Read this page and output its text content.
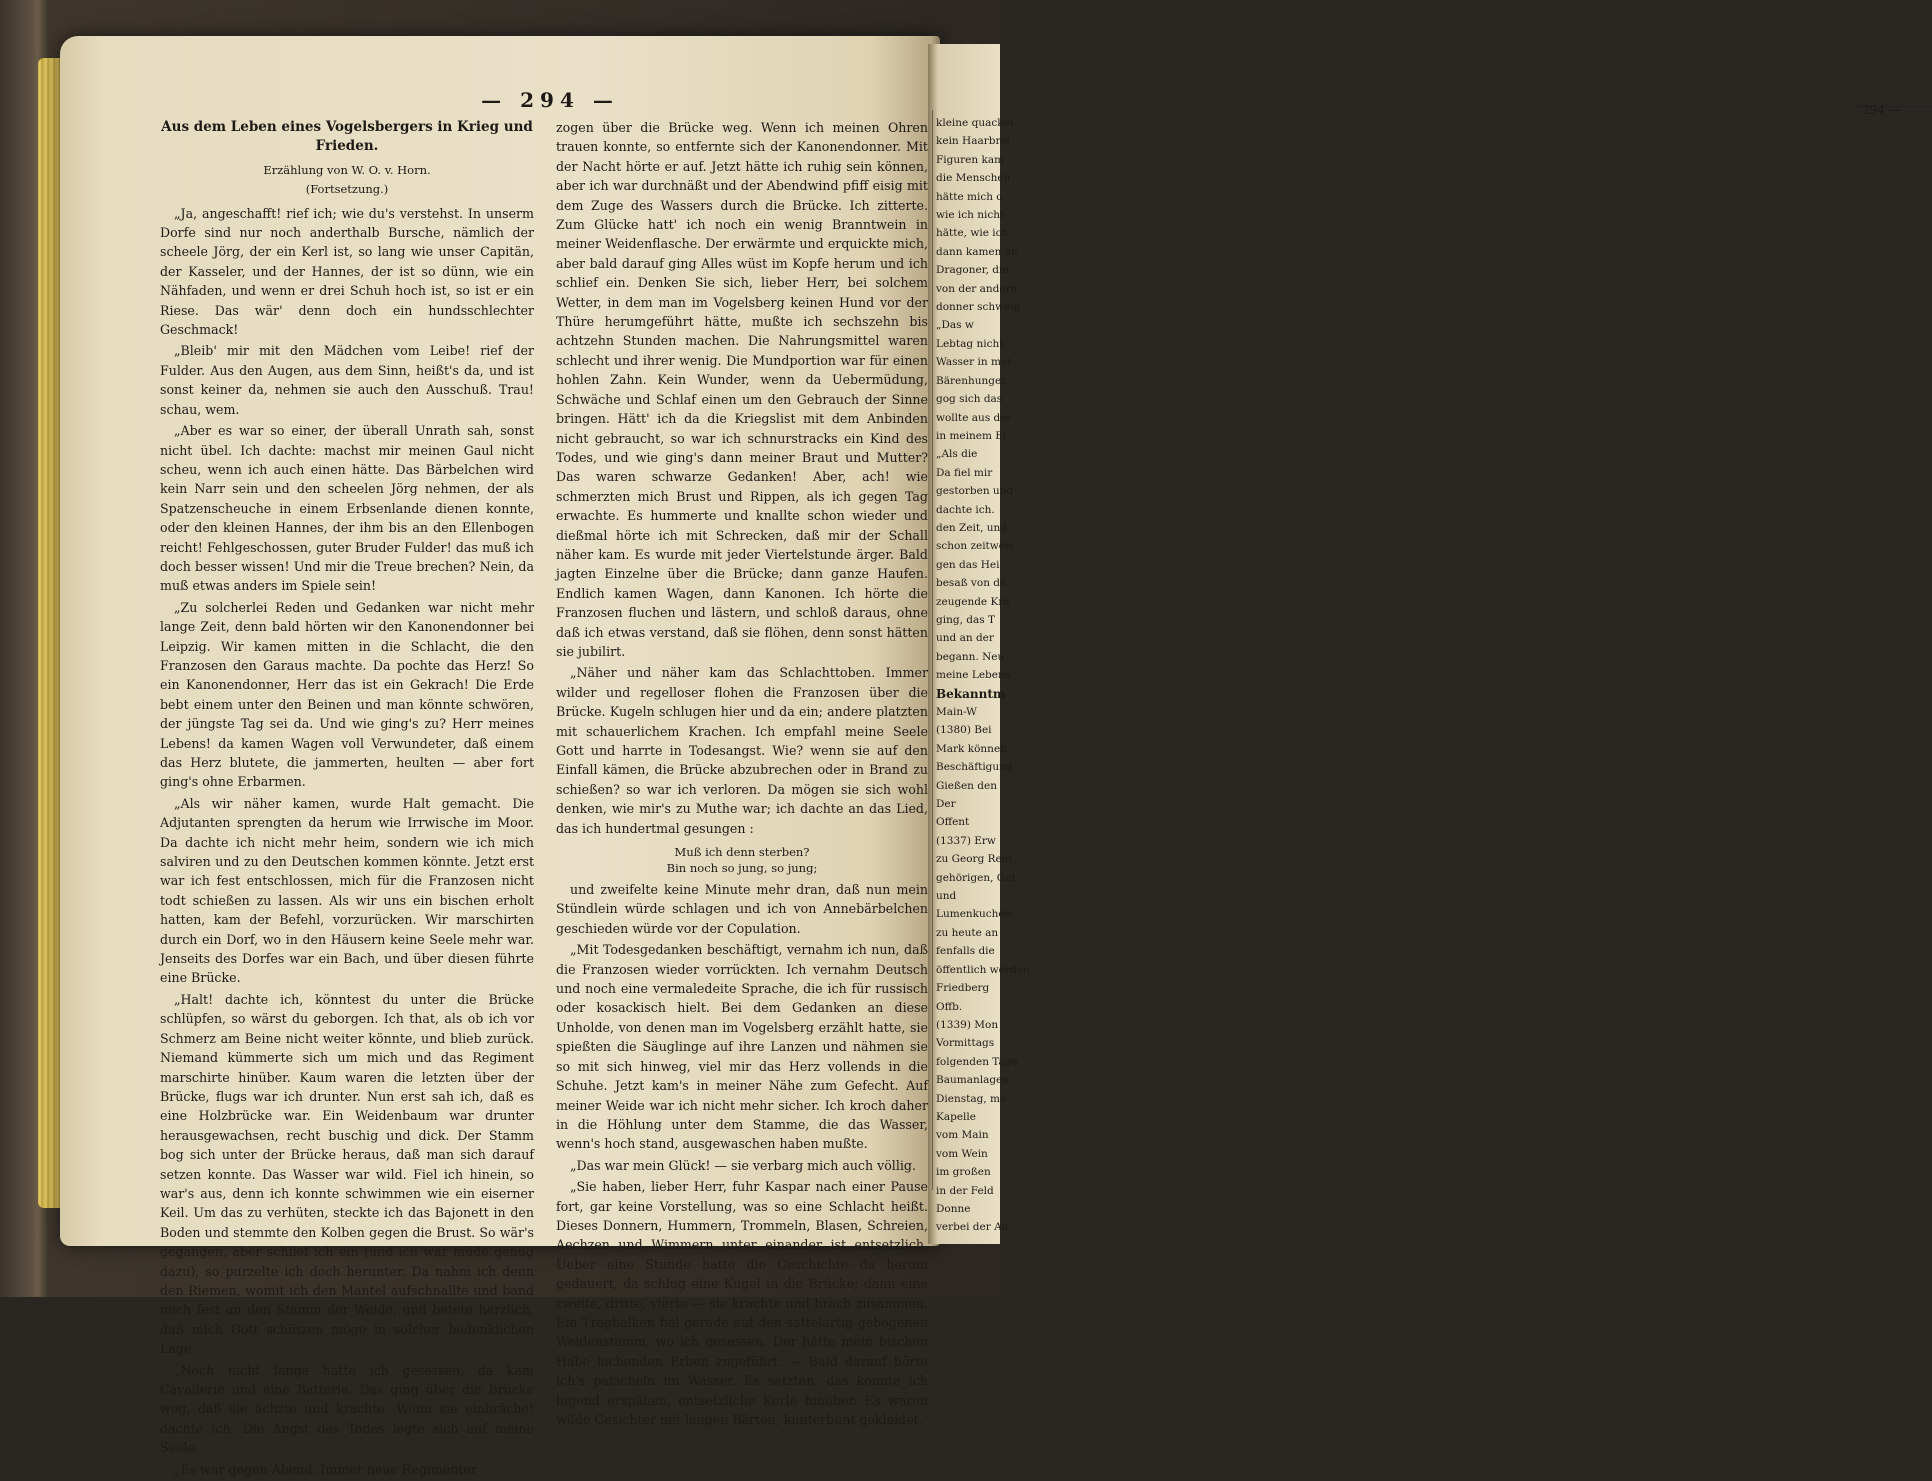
294 —
kleine quackel
kein Haarbrei
Figuren kam
die Menschen
hätte mich o
wie ich nicht
hätte, wie ich
dann kamen an
Dragoner, die
von der andern
donner schweig
„Das w
Lebtag nicht
Wasser in mei
Bärenhunger,
gog sich das
wollte aus der
in meinem El
„Als die
Da fiel mir
gestorben und
dachte ich.
den Zeit, und
schon zeitweis
gen das Hei
besaß von de
zeugende Kra
ging, das T
und an der
begann. Neu
meine Lebens
Bekanntm
Main-W
(1380) Bei
Mark können
Beschäftigung
Gießen den
Der
Offent
(1337) Erw
zu Georg Rem
gehörigen, Gut
und
Lumenkuchen
zu heute an
fenfalls die
öffentlich werden
Friedberg
Offb.
(1339) Mon
Vormittags
folgenden Tage
Baumanlagen
Dienstag, mo
Kapelle
vom Main
vom Wein
im großen
in der Feld
Donne
verbei der Au
— 294 —
Aus dem Leben eines Vogelsbergers in Krieg und Frieden.
Erzählung von W. O. v. Horn.
(Fortsetzung.)

„Ja, angeschafft! rief ich; wie du's verstehst. In unserm Dorfe sind nur noch anderthalb Bursche, nämlich der scheele Jörg, der ein Kerl ist, so lang wie unser Capitän, der Kasseler, und der Hannes, der ist so dünn, wie ein Nähfaden, und wenn er drei Schuh hoch ist, so ist er ein Riese. Das wär' denn doch ein hundsschlechter Geschmack!

„Bleib' mir mit den Mädchen vom Leibe! rief der Fulder. Aus den Augen, aus dem Sinn, heißt's da, und ist sonst keiner da, nehmen sie auch den Ausschuß. Trau! schau, wem.

„Aber es war so einer, der überall Unrath sah, sonst nicht übel. Ich dachte: machst mir meinen Gaul nicht scheu, wenn ich auch einen hätte. Das Bärbelchen wird kein Narr sein und den scheelen Jörg nehmen, der als Spatzenscheuche in einem Erbsenlande dienen konnte, oder den kleinen Hannes, der ihm bis an den Ellenbogen reicht! Fehlgeschossen, guter Bruder Fulder! das muß ich doch besser wissen! Und mir die Treue brechen? Nein, da muß etwas anders im Spiele sein!

„Zu solcherlei Reden und Gedanken war nicht mehr lange Zeit, denn bald hörten wir den Kanonendonner bei Leipzig. Wir kamen mitten in die Schlacht, die den Franzosen den Garaus machte. Da pochte das Herz! So ein Kanonendonner, Herr das ist ein Gekrach! Die Erde bebt einem unter den Beinen und man könnte schwören, der jüngste Tag sei da. Und wie ging's zu? Herr meines Lebens! da kamen Wagen voll Verwundeter, daß einem das Herz blutete, die jammerten, heulten — aber fort ging's ohne Erbarmen.

„Als wir näher kamen, wurde Halt gemacht. Die Adjutanten sprengten da herum wie Irrwische im Moor. Da dachte ich nicht mehr heim, sondern wie ich mich salviren und zu den Deutschen kommen könnte. Jetzt erst war ich fest entschlossen, mich für die Franzosen nicht todt schießen zu lassen. Als wir uns ein bischen erholt hatten, kam der Befehl, vorzurücken. Wir marschirten durch ein Dorf, wo in den Häusern keine Seele mehr war. Jenseits des Dorfes war ein Bach, und über diesen führte eine Brücke.

„Halt! dachte ich, könntest du unter die Brücke schlüpfen, so wärst du geborgen. Ich that, als ob ich vor Schmerz am Beine nicht weiter könnte, und blieb zurück. Niemand kümmerte sich um mich und das Regiment marschirte hinüber. Kaum waren die letzten über der Brücke, flugs war ich drunter. Nun erst sah ich, daß es eine Holzbrücke war. Ein Weidenbaum war drunter herausgewachsen, recht buschig und dick. Der Stamm bog sich unter der Brücke heraus, daß man sich darauf setzen konnte. Das Wasser war wild. Fiel ich hinein, so war's aus, denn ich konnte schwimmen wie ein eiserner Keil. Um das zu verhüten, steckte ich das Bajonett in den Boden und stemmte den Kolben gegen die Brust. So wär's gegangen, aber schlief ich ein (und ich war müde genug dazu), so purzelte ich doch herunter. Da nahm ich denn den Riemen, womit ich den Mantel aufschnallte und band mich fest an den Stamm der Weide, und betete herzlich, daß mich Gott schützen möge in solcher bedenklichen Lage.

„Noch nicht lange hatte ich gesessen, da kam Cavallerie und eine Batterie. Das ging über die Brücke weg, daß sie ächzte und krachte. Wenn sie einbräche! dachte ich. Die Angst des Todes legte sich auf meine Seele.

„Es war gegen Abend. Immer neue Regimenter

zogen über die Brücke weg. Wenn ich meinen Ohren trauen konnte, so entfernte sich der Kanonendonner. Mit der Nacht hörte er auf. Jetzt hätte ich ruhig sein können, aber ich war durchnäßt und der Abendwind pfiff eisig mit dem Zuge des Wassers durch die Brücke. Ich zitterte. Zum Glücke hatt' ich noch ein wenig Branntwein in meiner Weidenflasche. Der erwärmte und erquickte mich, aber bald darauf ging Alles wüst im Kopfe herum und ich schlief ein. Denken Sie sich, lieber Herr, bei solchem Wetter, in dem man im Vogelsberg keinen Hund vor der Thüre herumgeführt hätte, mußte ich sechszehn bis achtzehn Stunden machen. Die Nahrungsmittel waren schlecht und ihrer wenig. Die Mundportion war für einen hohlen Zahn. Kein Wunder, wenn da Uebermüdung, Schwäche und Schlaf einen um den Gebrauch der Sinne bringen. Hätt' ich da die Kriegslist mit dem Anbinden nicht gebraucht, so war ich schnurstracks ein Kind des Todes, und wie ging's dann meiner Braut und Mutter? Das waren schwarze Gedanken! Aber, ach! wie schmerzten mich Brust und Rippen, als ich gegen Tag erwachte. Es hummerte und knallte schon wieder und dießmal hörte ich mit Schrecken, daß mir der Schall näher kam. Es wurde mit jeder Viertelstunde ärger. Bald jagten Einzelne über die Brücke; dann ganze Haufen. Endlich kamen Wagen, dann Kanonen. Ich hörte die Franzosen fluchen und lästern, und schloß daraus, ohne daß ich etwas verstand, daß sie flöhen, denn sonst hätten sie jubilirt.

„Näher und näher kam das Schlachttoben. Immer wilder und regelloser flohen die Franzosen über die Brücke. Kugeln schlugen hier und da ein; andere platzten mit schauerlichem Krachen. Ich empfahl meine Seele Gott und harrte in Todesangst. Wie? wenn sie auf den Einfall kämen, die Brücke abzubrechen oder in Brand zu schießen? so war ich verloren. Da mögen sie sich wohl denken, wie mir's zu Muthe war; ich dachte an das Lied, das ich hundertmal gesungen :

Muß ich denn sterben?
Bin noch so jung, so jung;

und zweifelte keine Minute mehr dran, daß nun mein Stündlein würde schlagen und ich von Annebärbelchen geschieden würde vor der Copulation.

„Mit Todesgedanken beschäftigt, vernahm ich nun, daß die Franzosen wieder vorrückten. Ich vernahm Deutsch und noch eine vermaledeite Sprache, die ich für russisch oder kosackisch hielt. Bei dem Gedanken an diese Unholde, von denen man im Vogelsberg erzählt hatte, sie spießten die Säuglinge auf ihre Lanzen und nähmen sie so mit sich hinweg, viel mir das Herz vollends in die Schuhe. Jetzt kam's in meiner Nähe zum Gefecht. Auf meiner Weide war ich nicht mehr sicher. Ich kroch daher in die Höhlung unter dem Stamme, die das Wasser, wenn's hoch stand, ausgewaschen haben mußte.

„Das war mein Glück! — sie verbarg mich auch völlig.

„Sie haben, lieber Herr, fuhr Kaspar nach einer Pause fort, gar keine Vorstellung, was so eine Schlacht heißt. Dieses Donnern, Hummern, Trommeln, Blasen, Schreien, Aechzen und Wimmern unter einander ist entsetzlich. Ueber eine Stunde hatte die Geschichte da herum gedauert, da schlug eine Kugel in die Brücke; dann eine zweite, dritte, vierte — sie krachte und brach zusammen. Ein Tragbalken fiel gerade auf den sattelartig gebogenen Weidenstamm, wo ich gesessen. Der hätte mein bischen Habe lachenden Erben zugeführt. — Bald darauf hörte ich's patscheln im Wasser. Es setzten, das konnte ich lugend erspähen, entsetzliche Kerle hinüber. Es waren wilde Gesichter mit langen Bärten, kunterbunt gekleidet,
